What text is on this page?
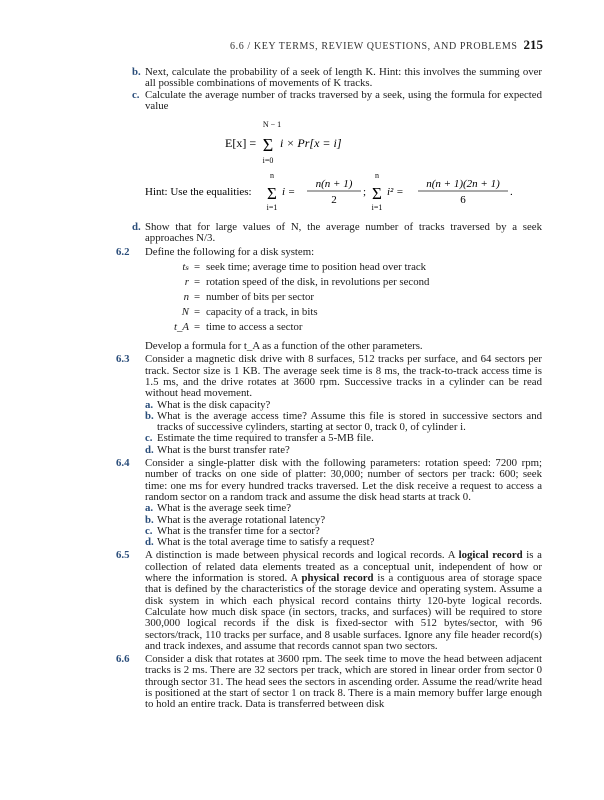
6.6 / KEY TERMS, REVIEW QUESTIONS, AND PROBLEMS 215
b. Next, calculate the probability of a seek of length K. Hint: this involves the summing over all possible combinations of movements of K tracks.
c. Calculate the average number of tracks traversed by a seek, using the formula for expected value
E[x] =
N − 1
Σ
i=0
i × Pr[x = i]
Hint: Use the equalities:
n
Σ
i=1
i =
n(n + 1)
2
;
n
Σ
i=1
i² =
n(n + 1)(2n + 1)
6
.
d. Show that for large values of N, the average number of tracks traversed by a seek approaches N/3.
6.2 Define the following for a disk system:
tₛ = seek time; average time to position head over track
r = rotation speed of the disk, in revolutions per second
n = number of bits per sector
N = capacity of a track, in bits
t_A = time to access a sector
Develop a formula for t_A as a function of the other parameters.
6.3 Consider a magnetic disk drive with 8 surfaces, 512 tracks per surface, and 64 sectors per track. Sector size is 1 KB. The average seek time is 8 ms, the track-to-track access time is 1.5 ms, and the drive rotates at 3600 rpm. Successive tracks in a cylinder can be read without head movement.
a. What is the disk capacity?
b. What is the average access time? Assume this file is stored in successive sectors and tracks of successive cylinders, starting at sector 0, track 0, of cylinder i.
c. Estimate the time required to transfer a 5-MB file.
d. What is the burst transfer rate?
6.4 Consider a single-platter disk with the following parameters: rotation speed: 7200 rpm; number of tracks on one side of platter: 30,000; number of sectors per track: 600; seek time: one ms for every hundred tracks traversed. Let the disk receive a request to access a random sector on a random track and assume the disk head starts at track 0.
a. What is the average seek time?
b. What is the average rotational latency?
c. What is the transfer time for a sector?
d. What is the total average time to satisfy a request?
6.5 A distinction is made between physical records and logical records. A logical record is a collection of related data elements treated as a conceptual unit, independent of how or where the information is stored. A physical record is a contiguous area of storage space that is defined by the characteristics of the storage device and operating system. Assume a disk system in which each physical record contains thirty 120-byte logical records. Calculate how much disk space (in sectors, tracks, and surfaces) will be required to store 300,000 logical records if the disk is fixed-sector with 512 bytes/sector, with 96 sectors/track, 110 tracks per surface, and 8 usable surfaces. Ignore any file header record(s) and track indexes, and assume that records cannot span two sectors.
6.6 Consider a disk that rotates at 3600 rpm. The seek time to move the head between adjacent tracks is 2 ms. There are 32 sectors per track, which are stored in linear order from sector 0 through sector 31. The head sees the sectors in ascending order. Assume the read/write head is positioned at the start of sector 1 on track 8. There is a main memory buffer large enough to hold an entire track. Data is transferred between disk
